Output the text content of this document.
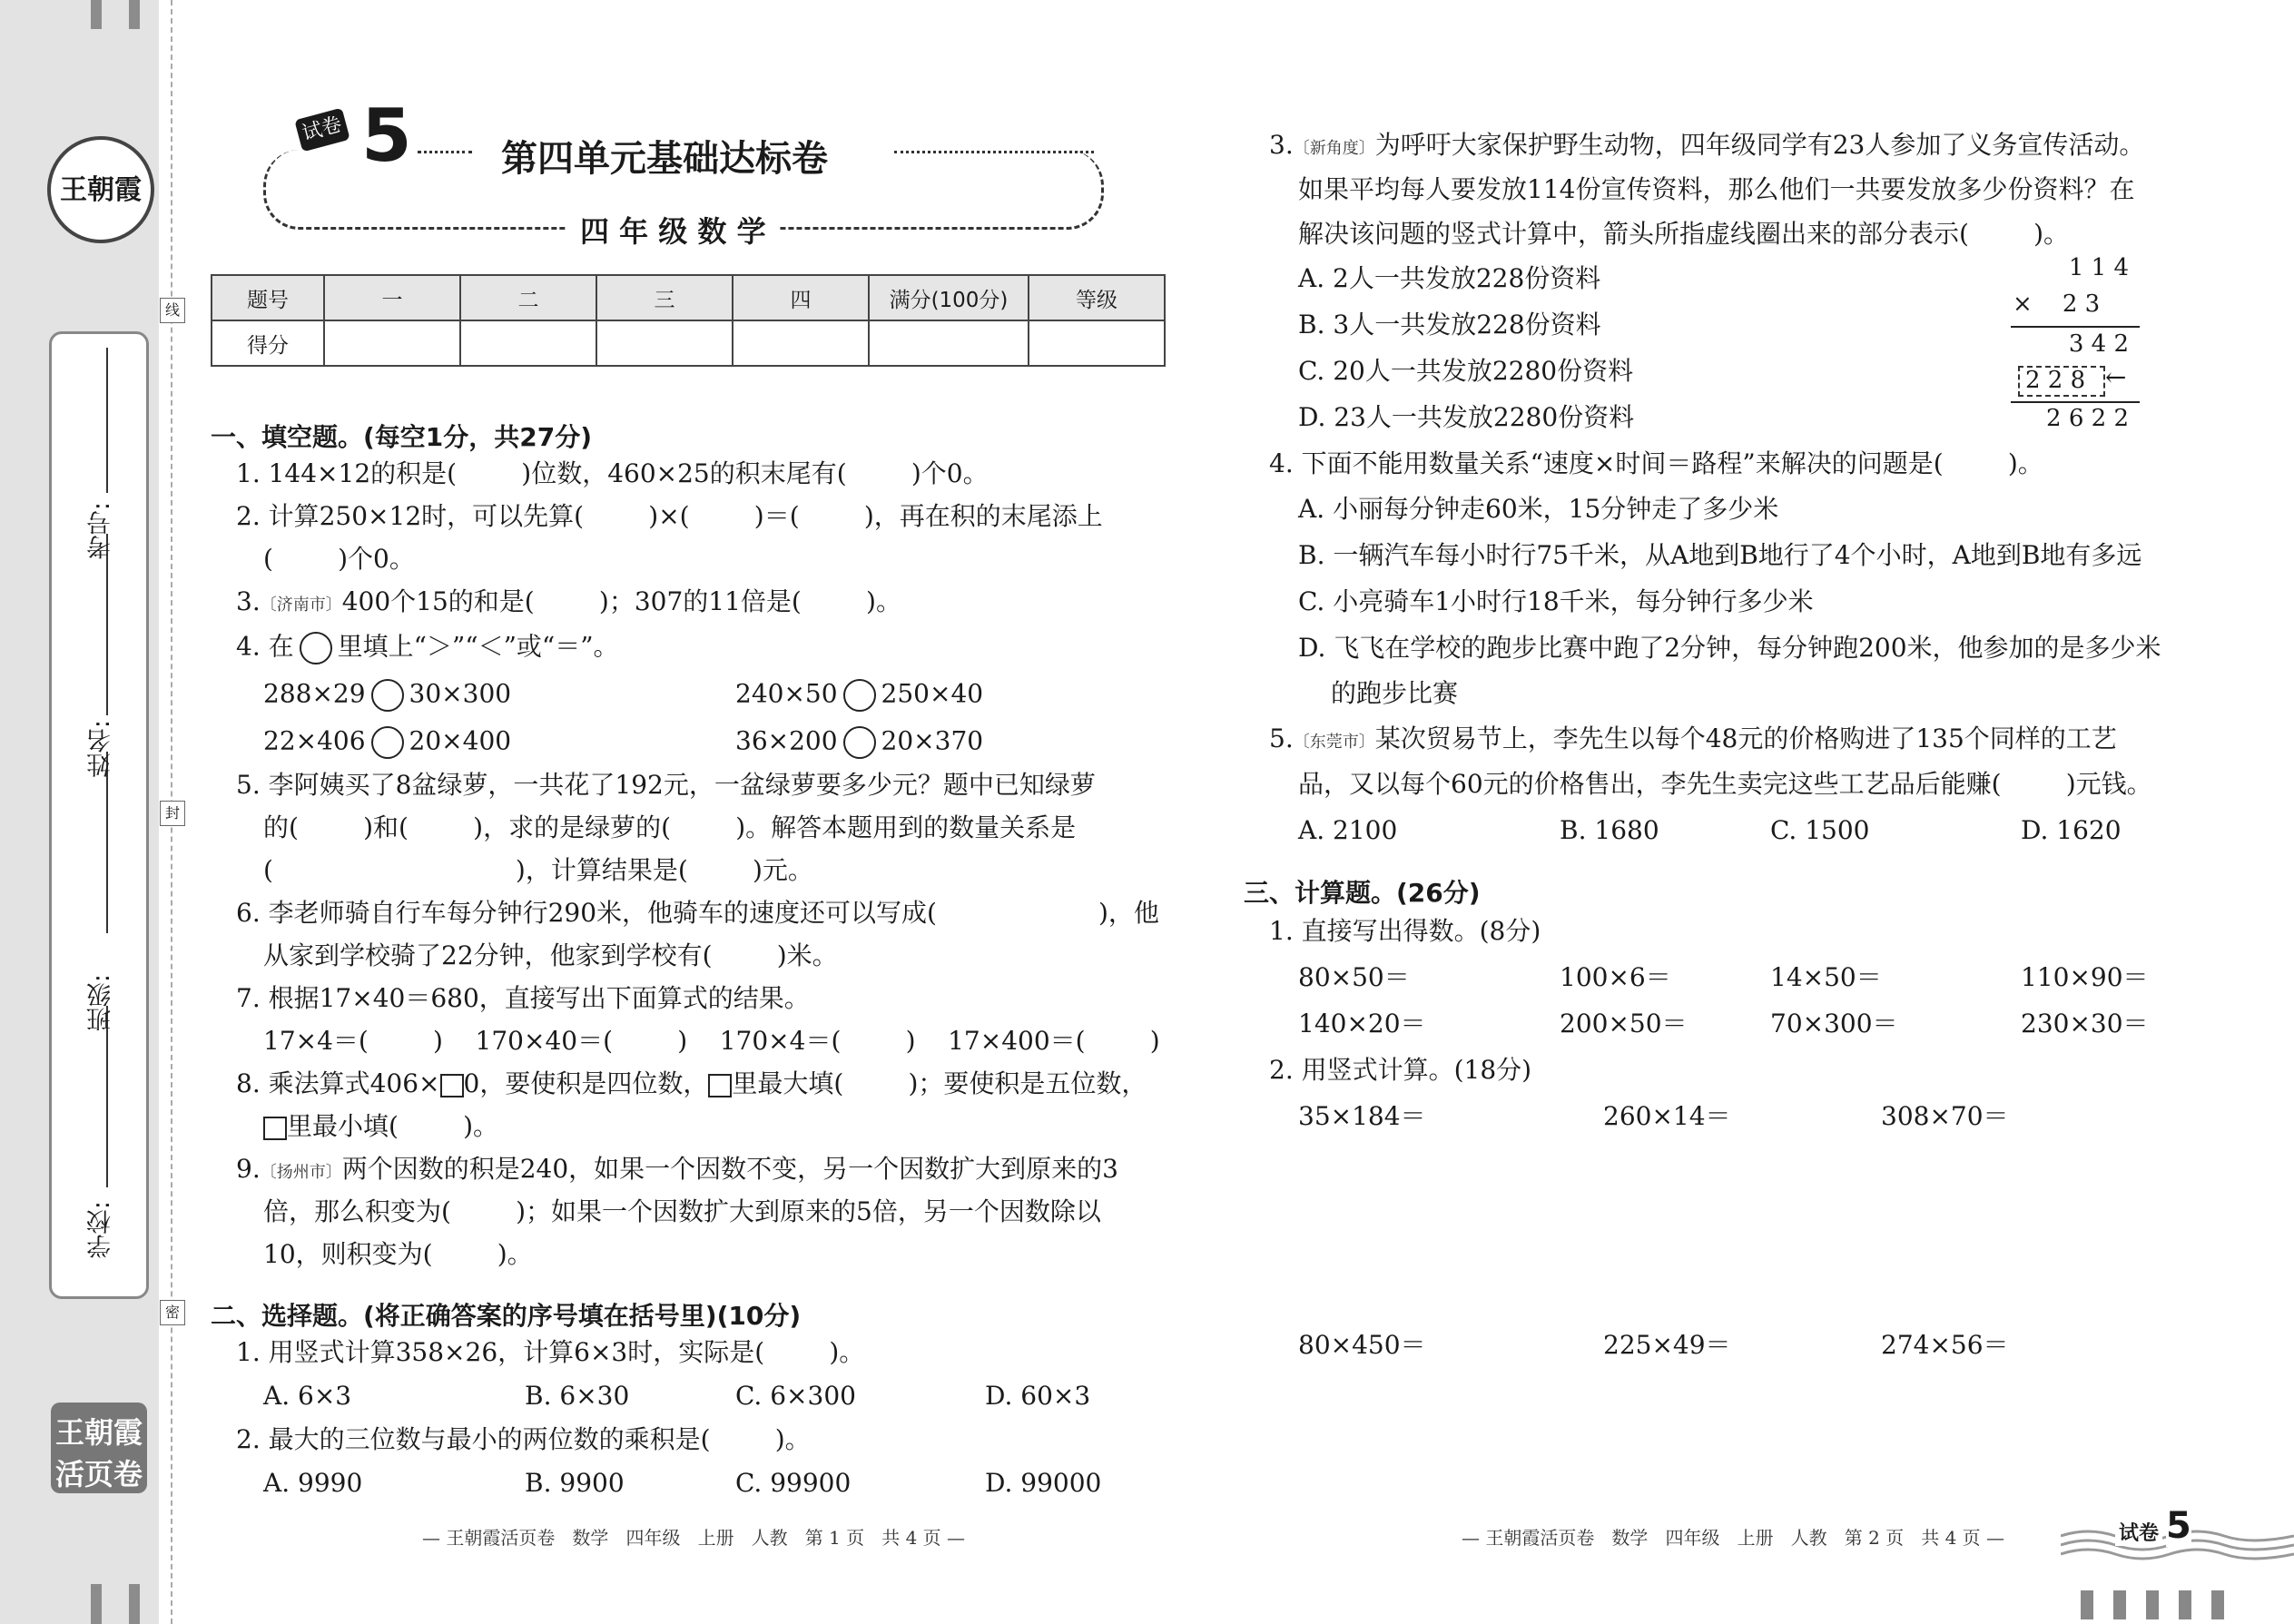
王朝霞
学校:
班级:
姓名:
考号:
线
封
密
王朝霞
活页卷
试卷 5 第四单元基础达标卷
四 年 级 数 学
题号	一	二	三	四	满分(100分)	等级
得分						
一、填空题。(每空1分，共27分)
1. 144×12的积是(        )位数，460×25的积末尾有(        )个0。
2. 计算250×12时，可以先算(        )×(        )＝(        )，再在积的末尾添上
(        )个0。
3.〔济南市〕400个15的和是(        )；307的11倍是(        )。
4. 在 里填上“＞”“＜”或“＝”。
288×29 30×300	240×50 250×40
22×406 20×400	36×200 20×370
5. 李阿姨买了8盆绿萝，一共花了192元，一盆绿萝要多少元？题中已知绿萝
的(        )和(        )，求的是绿萝的(        )。解答本题用到的数量关系是
(                              )，计算结果是(        )元。
6. 李老师骑自行车每分钟行290米，他骑车的速度还可以写成(                    )，他
从家到学校骑了22分钟，他家到学校有(        )米。
7. 根据17×40＝680，直接写出下面算式的结果。
17×4＝(        )    170×40＝(        )    170×4＝(        )    17×400＝(        )
8. 乘法算式406× 0，要使积是四位数， 里最大填(        )；要使积是五位数，
里最小填(        )。
9.〔扬州市〕两个因数的积是240，如果一个因数不变，另一个因数扩大到原来的3
倍，那么积变为(        )；如果一个因数扩大到原来的5倍，另一个因数除以
10，则积变为(        )。
二、选择题。(将正确答案的序号填在括号里)(10分)
1. 用竖式计算358×26，计算6×3时，实际是(        )。
A. 6×3	B. 6×30	C. 6×300	D. 60×3
2. 最大的三位数与最小的两位数的乘积是(        )。
A. 9990	B. 9900	C. 99900	D. 99000
— 王朝霞活页卷   数学   四年级   上册   人教   第 1 页   共 4 页 —
3.〔新角度〕为呼吁大家保护野生动物，四年级同学有23人参加了义务宣传活动。
如果平均每人要发放114份宣传资料，那么他们一共要发放多少份资料？在
解决该问题的竖式计算中，箭头所指虚线圈出来的部分表示(        )。
A. 2人一共发放228份资料
B. 3人一共发放228份资料
C. 20人一共发放2280份资料
D. 23人一共发放2280份资料
1 1 4
×    2 3
3 4 2
2 2 8 ←
2 6 2 2
4. 下面不能用数量关系“速度×时间＝路程”来解决的问题是(        )。
A. 小丽每分钟走60米，15分钟走了多少米
B. 一辆汽车每小时行75千米，从A地到B地行了4个小时，A地到B地有多远
C. 小亮骑车1小时行18千米，每分钟行多少米
D. 飞飞在学校的跑步比赛中跑了2分钟，每分钟跑200米，他参加的是多少米
的跑步比赛
5.〔东莞市〕某次贸易节上，李先生以每个48元的价格购进了135个同样的工艺
品，又以每个60元的价格售出，李先生卖完这些工艺品后能赚(        )元钱。
A. 2100	B. 1680	C. 1500	D. 1620
三、计算题。(26分)
1. 直接写出得数。(8分)
80×50＝	100×6＝	14×50＝	110×90＝
140×20＝	200×50＝	70×300＝	230×30＝
2. 用竖式计算。(18分)
35×184＝	260×14＝	308×70＝
80×450＝	225×49＝	274×56＝
— 王朝霞活页卷   数学   四年级   上册   人教   第 2 页   共 4 页 —	试卷 5
